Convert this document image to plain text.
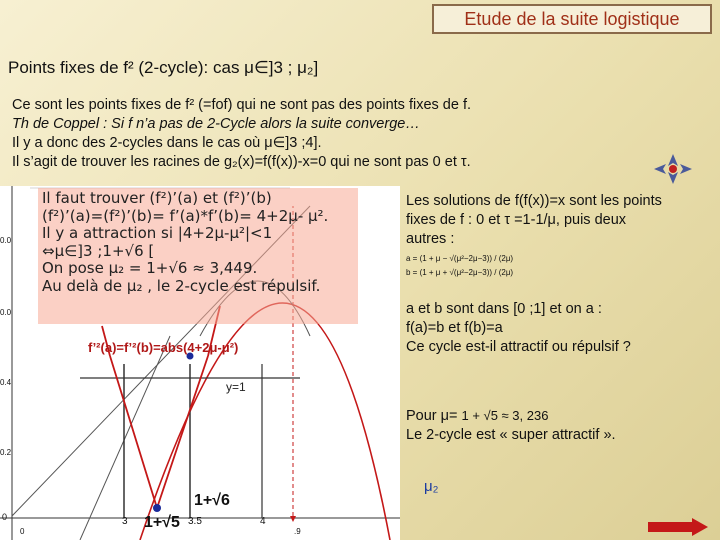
Etude de la suite logistique
Points fixes de f² (2-cycle): cas μ∈]3 ; μ₂]
Ce sont les points fixes de f² (=fof) qui ne sont pas des points fixes de f.
Th de Coppel : Si f n’a pas de 2-Cycle alors la suite converge…
Il y a donc des 2-cycles dans le cas où μ∈]3 ;4].
Il s’agit de trouver les racines de g₂(x)=f(f(x))-x=0 qui ne sont pas 0 et τ.
0.0
0.0
0.4
0.2
0
0
3	3.5	4
.9
1+√5
1+√6
f’²(a)=f’²(b)=abs(4+2μ-μ²)
y=1
Il faut trouver (f²)’(a) et (f²)’(b)
(f²)’(a)=(f²)’(b)= f’(a)*f’(b)= 4+2μ- μ².
Il y a attraction si |4+2μ-μ²|<1
⇔μ∈]3 ;1+√6 [
On pose μ₂ = 1+√6 ≈ 3,449.
Au delà de μ₂ , le 2-cycle est répulsif.
Les solutions de f(f(x))=x sont les points
fixes de f : 0 et τ =1-1/μ, puis deux
autres :
a = (1 + μ − √(μ²−2μ−3)) / (2μ)
b = (1 + μ + √(μ²−2μ−3)) / (2μ)
a et b sont dans [0 ;1] et on a :
f(a)=b et f(b)=a
Ce cycle est-il attractif ou répulsif ?
Pour μ= 1 + √5 ≈ 3, 236
Le 2-cycle est « super attractif ».
μ₂
